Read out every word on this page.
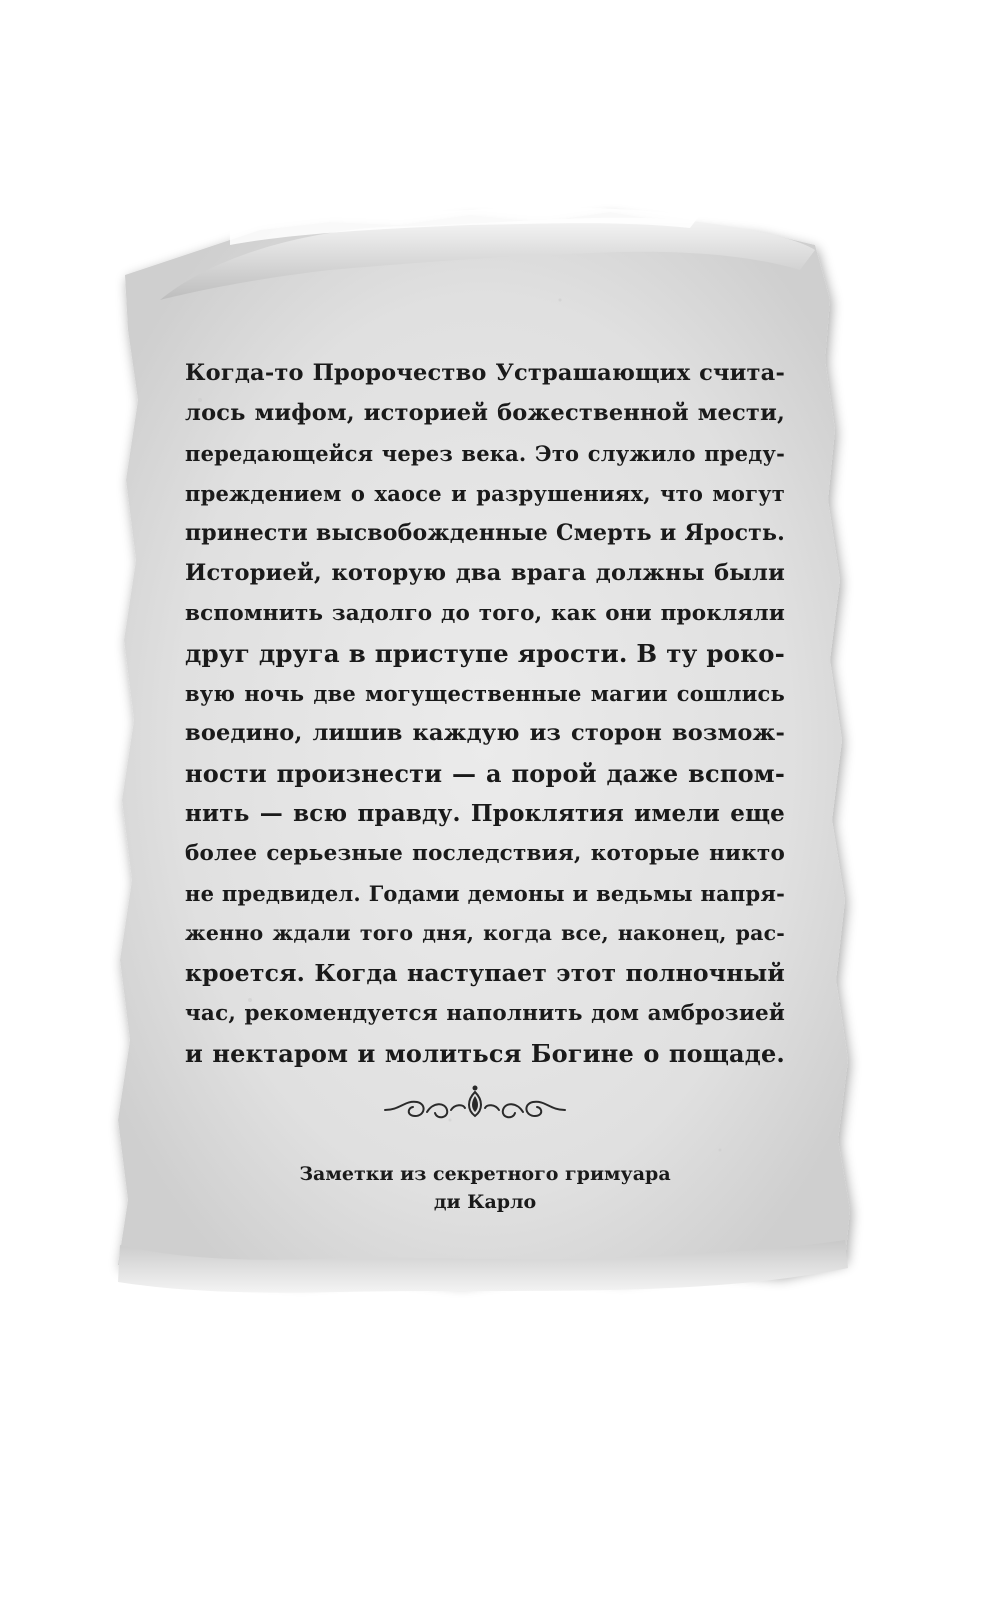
Когда-то Пророчество Устрашающих счита-
лось мифом, историей божественной мести,
передающейся через века. Это служило преду-
преждением о хаосе и разрушениях, что могут
принести высвобожденные Смерть и Ярость.
Историей, которую два врага должны были
вспомнить задолго до того, как они прокляли
друг друга в приступе ярости. В ту роко-
вую ночь две могущественные магии сошлись
воедино, лишив каждую из сторон возмож-
ности произнести — а порой даже вспом-
нить — всю правду. Проклятия имели еще
более серьезные последствия, которые никто
не предвидел. Годами демоны и ведьмы напря-
женно ждали того дня, когда все, наконец, рас-
кроется. Когда наступает этот полночный
час, рекомендуется наполнить дом амброзией
и нектаром и молиться Богине о пощаде.
Заметки из секретного гримуара
ди Карло
